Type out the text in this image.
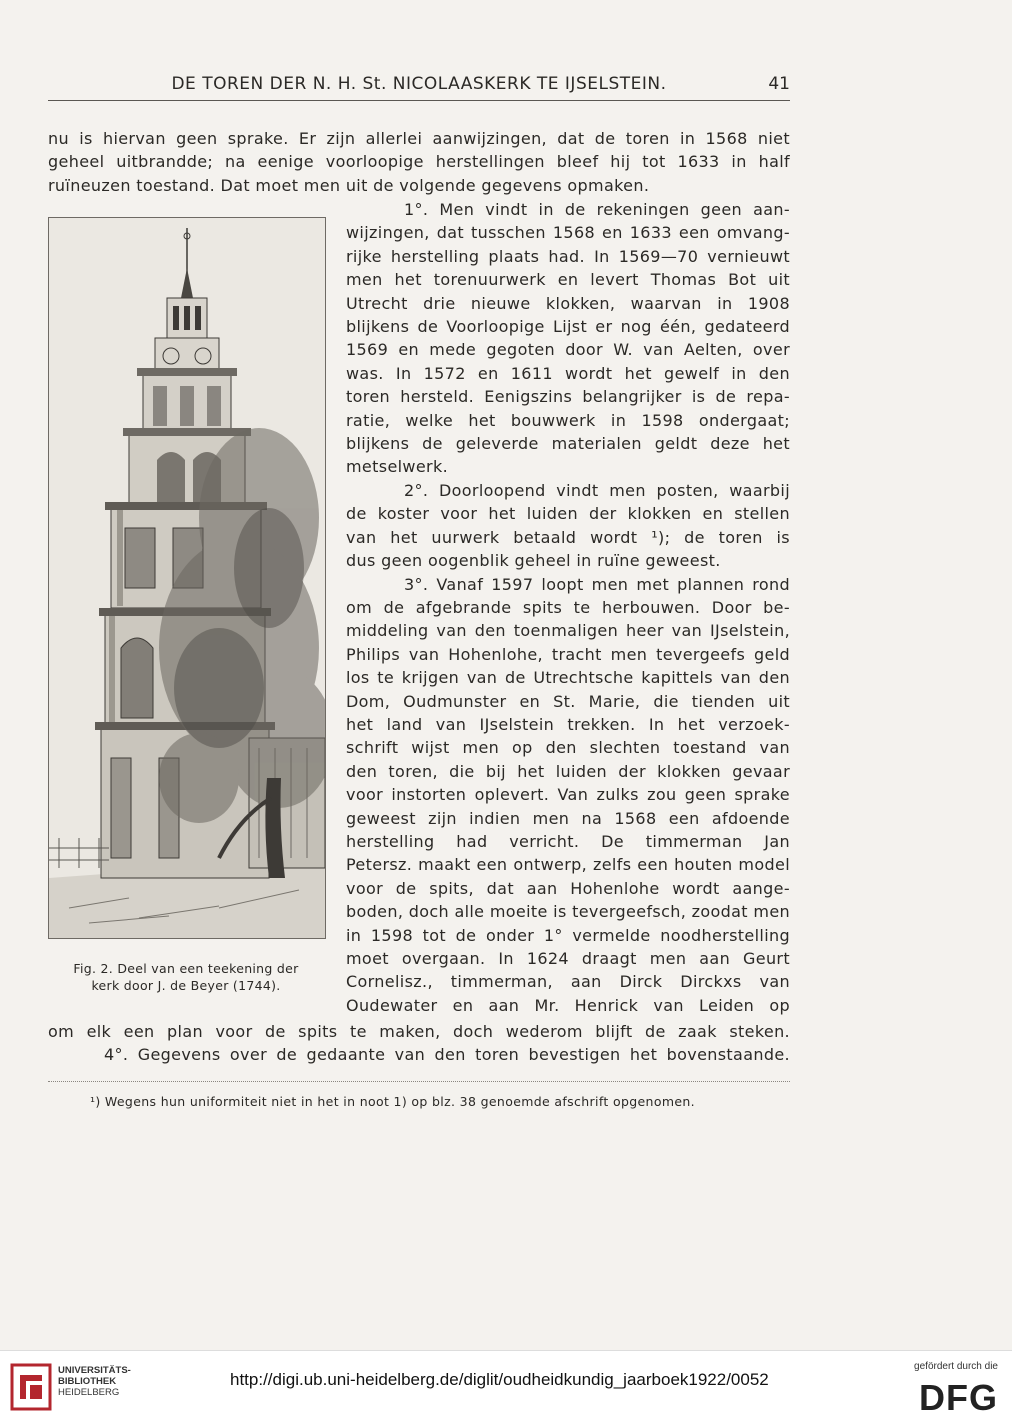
DE TOREN DER N. H. St. NICOLAASKERK TE IJSELSTEIN.	41
nu is hiervan geen sprake. Er zijn allerlei aanwijzingen, dat de toren in 1568 niet
geheel uitbrandde; na eenige voorloopige herstellingen bleef hij tot 1633 in half
ruïneuzen toestand. Dat moet men uit de volgende gegevens opmaken.
Fig. 2. Deel van een teekening der
kerk door J. de Beyer (1744).
1°. Men vindt in de rekeningen geen aan-
wijzingen, dat tusschen 1568 en 1633 een omvang-
rijke herstelling plaats had. In 1569—70 vernieuwt
men het torenuurwerk en levert Thomas Bot uit
Utrecht drie nieuwe klokken, waarvan in 1908
blijkens de Voorloopige Lijst er nog één, gedateerd
1569 en mede gegoten door W. van Aelten, over
was. In 1572 en 1611 wordt het gewelf in den
toren hersteld. Eenigszins belangrijker is de repa-
ratie, welke het bouwwerk in 1598 ondergaat;
blijkens de geleverde materialen geldt deze het
metselwerk.
2°. Doorloopend vindt men posten, waarbij
de koster voor het luiden der klokken en stellen
van het uurwerk betaald wordt ¹); de toren is
dus geen oogenblik geheel in ruïne geweest.
3°. Vanaf 1597 loopt men met plannen rond
om de afgebrande spits te herbouwen. Door be-
middeling van den toenmaligen heer van IJselstein,
Philips van Hohenlohe, tracht men tevergeefs geld
los te krijgen van de Utrechtsche kapittels van den
Dom, Oudmunster en St. Marie, die tienden uit
het land van IJselstein trekken. In het verzoek-
schrift wijst men op den slechten toestand van
den toren, die bij het luiden der klokken gevaar
voor instorten oplevert. Van zulks zou geen sprake
geweest zijn indien men na 1568 een afdoende
herstelling had verricht. De timmerman Jan
Petersz. maakt een ontwerp, zelfs een houten model
voor de spits, dat aan Hohenlohe wordt aange-
boden, doch alle moeite is tevergeefsch, zoodat men
in 1598 tot de onder 1° vermelde noodherstelling
moet overgaan. In 1624 draagt men aan Geurt
Cornelisz., timmerman, aan Dirck Dirckxs van
Oudewater en aan Mr. Henrick van Leiden op
om elk een plan voor de spits te maken, doch wederom blijft de zaak steken.
4°. Gegevens over de gedaante van den toren bevestigen het bovenstaande.
¹) Wegens hun uniformiteit niet in het in noot 1) op blz. 38 genoemde afschrift opgenomen.
UNIVERSITÄTS-
BIBLIOTHEK
HEIDELBERG
http://digi.ub.uni-heidelberg.de/diglit/oudheidkundig_jaarboek1922/0052
gefördert durch die
DFG
